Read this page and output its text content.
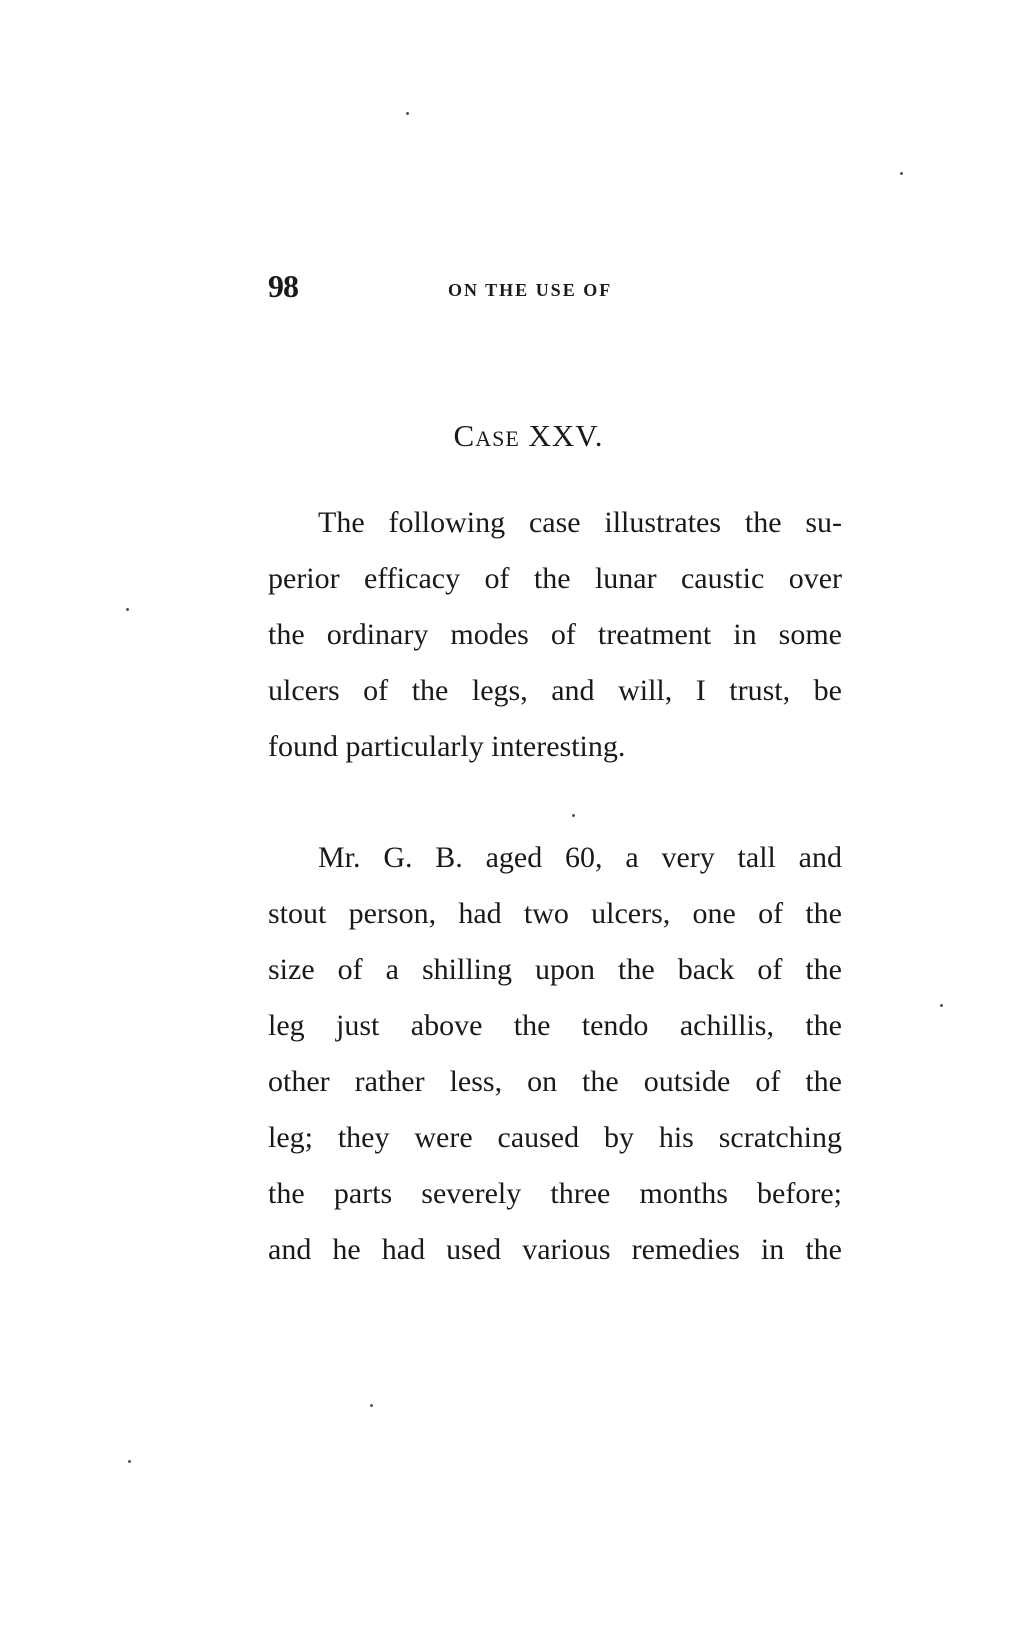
98	ON THE USE OF
Case XXV.
The following case illustrates the su-
perior efficacy of the lunar caustic over
the ordinary modes of treatment in some
ulcers of the legs, and will, I trust, be
found particularly interesting.
Mr. G. B. aged 60, a very tall and
stout person, had two ulcers, one of the
size of a shilling upon the back of the
leg just above the tendo achillis, the
other rather less, on the outside of the
leg; they were caused by his scratching
the parts severely three months before;
and he had used various remedies in the
